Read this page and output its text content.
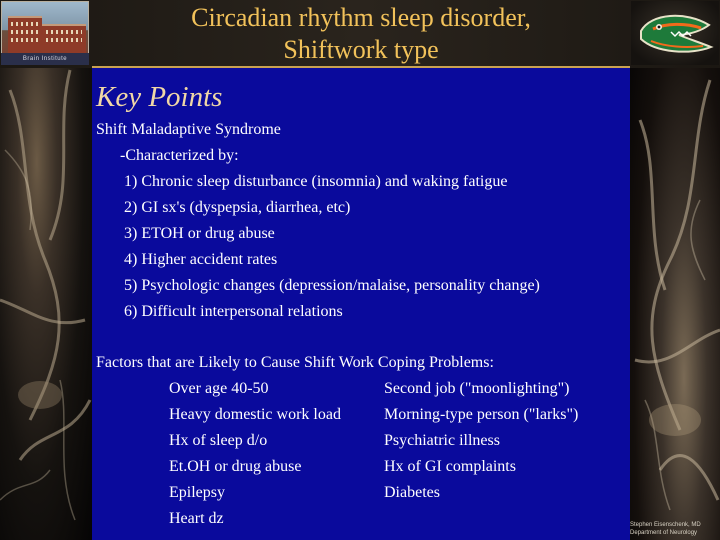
Brain Institute
Circadian rhythm sleep disorder,
Shiftwork type
Key Points
Shift Maladaptive Syndrome
-Characterized by:
1) Chronic sleep disturbance (insomnia) and waking fatigue
2) GI sx's (dyspepsia, diarrhea, etc)
3) ETOH or drug abuse
4) Higher accident rates
5) Psychologic changes (depression/malaise, personality change)
6) Difficult interpersonal relations
Factors that are Likely to Cause Shift Work Coping Problems:
Over age 40-50
Heavy domestic work load
Hx of sleep d/o
Et.OH or drug abuse
Epilepsy
Heart dz
Second job ("moonlighting")
Morning-type person ("larks")
Psychiatric illness
Hx of GI complaints
Diabetes
Stephen Eisenschenk, MD
Department of Neurology
